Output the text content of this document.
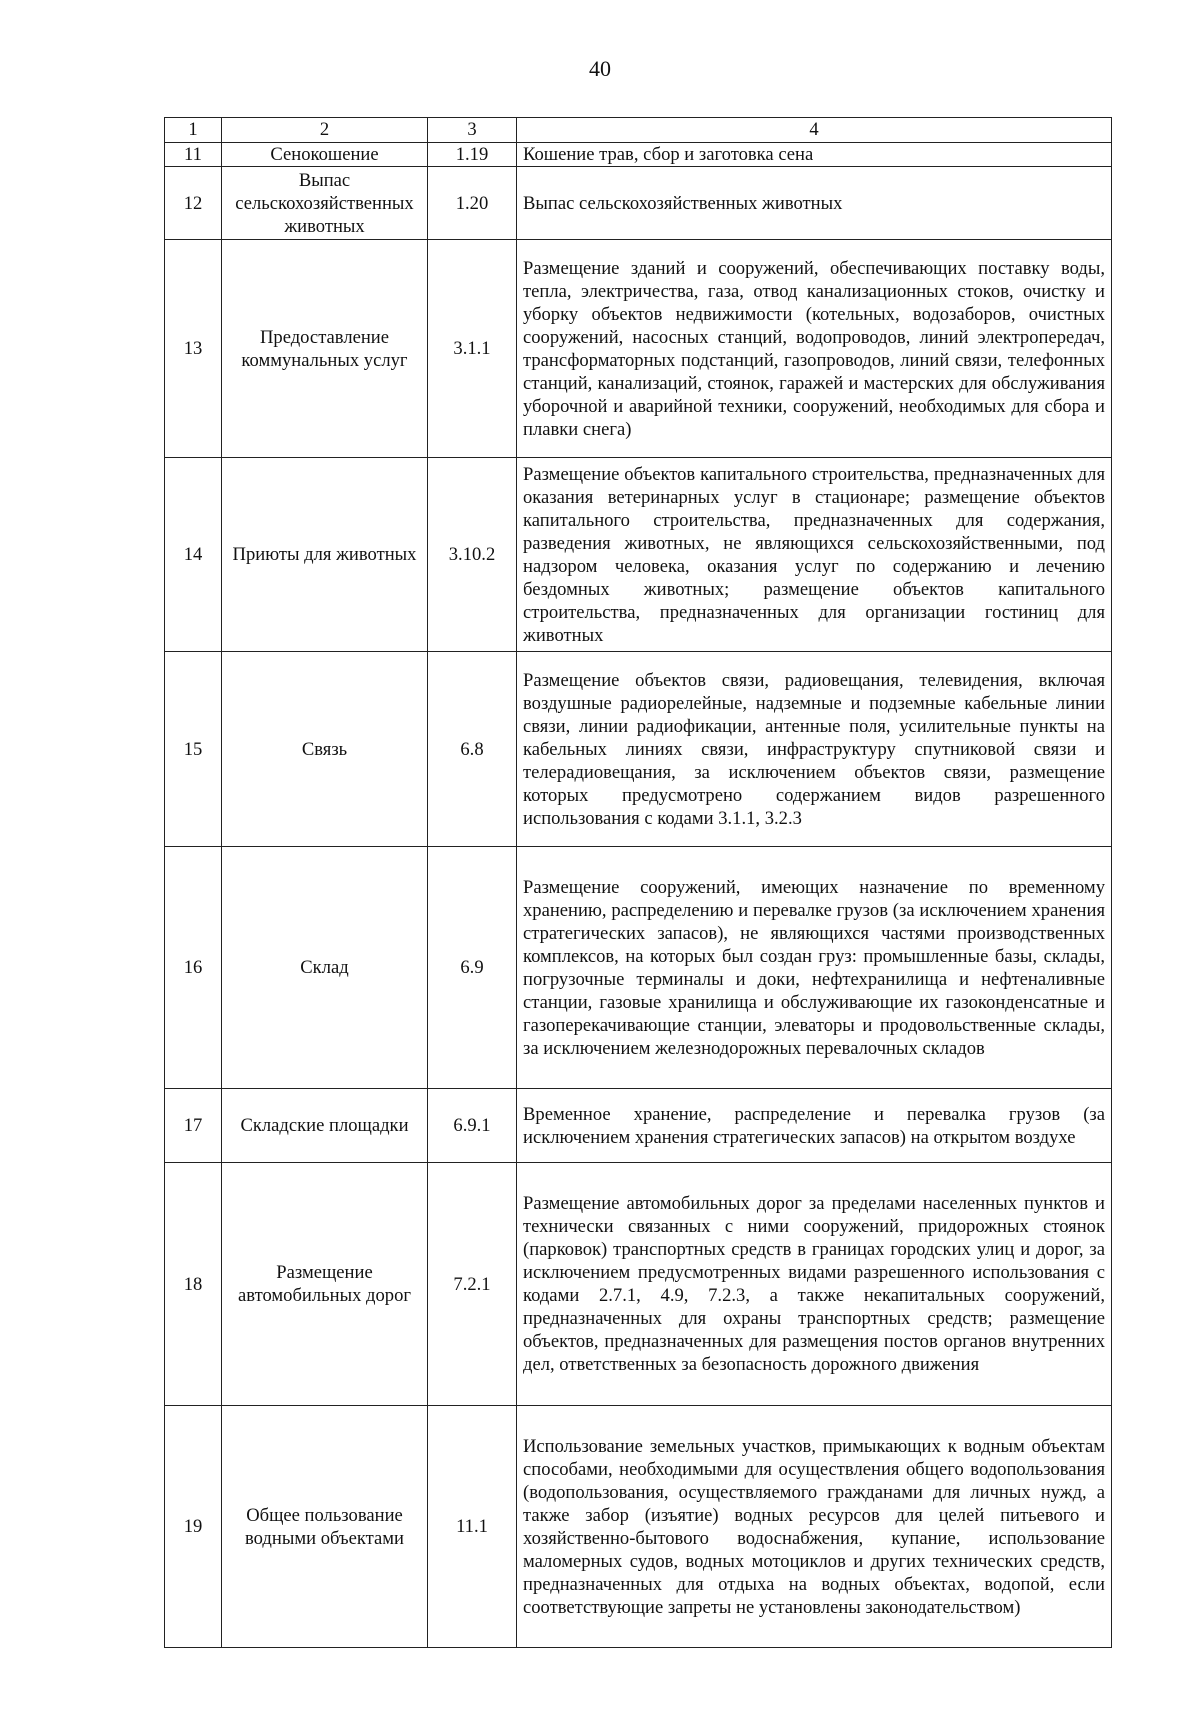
40
1	2	3	4
11	Сенокошение	1.19	Кошение трав, сбор и заготовка сена
12	Выпас сельскохозяйственных животных	1.20	Выпас сельскохозяйственных животных
13	Предоставление коммунальных услуг	3.1.1	Размещение зданий и сооружений, обеспечивающих поставку воды, тепла, электричества, газа, отвод канализационных стоков, очистку и уборку объектов недвижимости (котельных, водозаборов, очистных сооружений, насосных станций, водопроводов, линий электропередач, трансформаторных подстанций, газопроводов, линий связи, телефонных станций, канализаций, стоянок, гаражей и мастерских для обслуживания уборочной и аварийной техники, сооружений, необходимых для сбора и плавки снега)
14	Приюты для животных	3.10.2	Размещение объектов капитального строительства, предназначенных для оказания ветеринарных услуг в стационаре; размещение объектов капитального строительства, предназначенных для содержания, разведения животных, не являющихся сельскохозяйственными, под надзором человека, оказания услуг по содержанию и лечению бездомных животных; размещение объектов капитального строительства, предназначенных для организации гостиниц для животных
15	Связь	6.8	Размещение объектов связи, радиовещания, телевидения, включая воздушные радиорелейные, надземные и подземные кабельные линии связи, линии радиофикации, антенные поля, усилительные пункты на кабельных линиях связи, инфраструктуру спутниковой связи и телерадиовещания, за исключением объектов связи, размещение которых предусмотрено содержанием видов разрешенного использования с кодами 3.1.1, 3.2.3
16	Склад	6.9	Размещение сооружений, имеющих назначение по временному хранению, распределению и перевалке грузов (за исключением хранения стратегических запасов), не являющихся частями производственных комплексов, на которых был создан груз: промышленные базы, склады, погрузочные терминалы и доки, нефтехранилища и нефтеналивные станции, газовые хранилища и обслуживающие их газоконденсатные и газоперекачивающие станции, элеваторы и продовольственные склады, за исключением железнодорожных перевалочных складов
17	Складские площадки	6.9.1	Временное хранение, распределение и перевалка грузов (за исключением хранения стратегических запасов) на открытом воздухе
18	Размещение автомобильных дорог	7.2.1	Размещение автомобильных дорог за пределами населенных пунктов и технически связанных с ними сооружений, придорожных стоянок (парковок) транспортных средств в границах городских улиц и дорог, за исключением предусмотренных видами разрешенного использования с кодами 2.7.1, 4.9, 7.2.3, а также некапитальных сооружений, предназначенных для охраны транспортных средств; размещение объектов, предназначенных для размещения постов органов внутренних дел, ответственных за безопасность дорожного движения
19	Общее пользование водными объектами	11.1	Использование земельных участков, примыкающих к водным объектам способами, необходимыми для осуществления общего водопользования (водопользования, осуществляемого гражданами для личных нужд, а также забор (изъятие) водных ресурсов для целей питьевого и хозяйственно-бытового водоснабжения, купание, использование маломерных судов, водных мотоциклов и других технических средств, предназначенных для отдыха на водных объектах, водопой, если соответствующие запреты не установлены законодательством)
